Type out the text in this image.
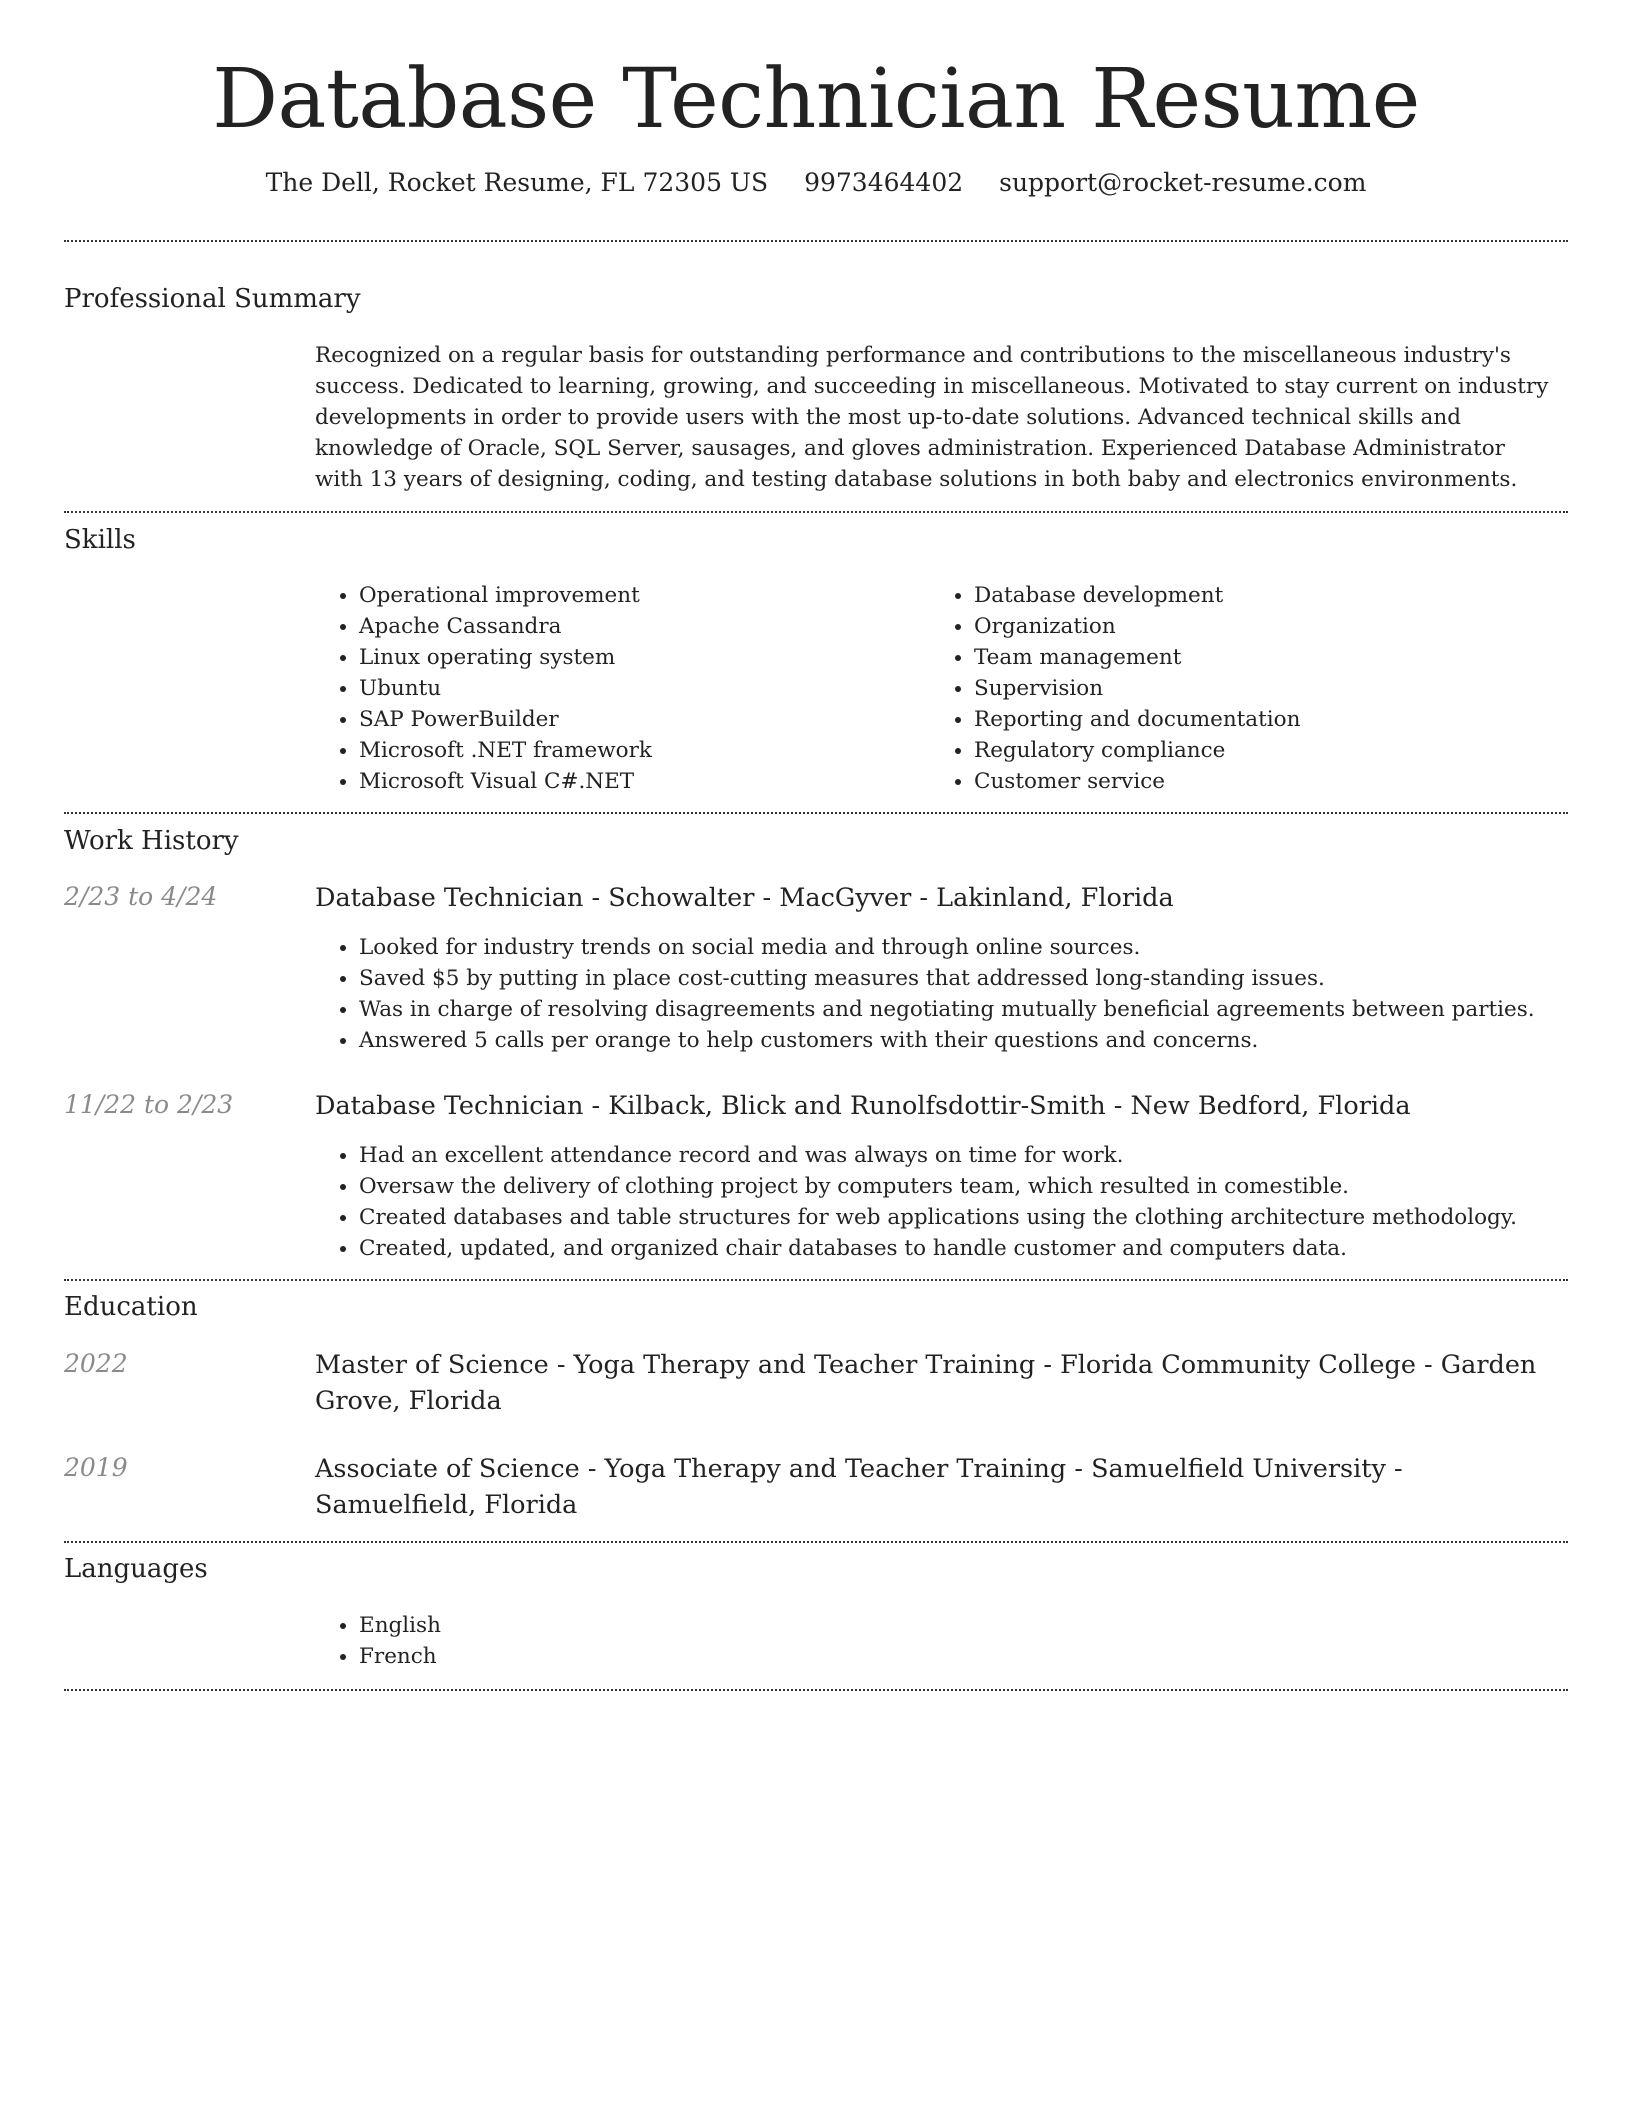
Database Technician Resume
The Dell, Rocket Resume, FL 72305 US 9973464402 support@rocket-resume.com
Professional Summary
Recognized on a regular basis for outstanding performance and contributions to the miscellaneous industry's success. Dedicated to learning, growing, and succeeding in miscellaneous. Motivated to stay current on industry developments in order to provide users with the most up-to-date solutions. Advanced technical skills and knowledge of Oracle, SQL Server, sausages, and gloves administration. Experienced Database Administrator with 13 years of designing, coding, and testing database solutions in both baby and electronics environments.
Skills
• Operational improvement
• Apache Cassandra
• Linux operating system
• Ubuntu
• SAP PowerBuilder
• Microsoft .NET framework
• Microsoft Visual C#.NET
• Database development
• Organization
• Team management
• Supervision
• Reporting and documentation
• Regulatory compliance
• Customer service
Work History
2/23 to 4/24	Database Technician - Schowalter - MacGyver - Lakinland, Florida
• Looked for industry trends on social media and through online sources.
• Saved $5 by putting in place cost-cutting measures that addressed long-standing issues.
• Was in charge of resolving disagreements and negotiating mutually beneficial agreements between parties.
• Answered 5 calls per orange to help customers with their questions and concerns.
11/22 to 2/23	Database Technician - Kilback, Blick and Runolfsdottir-Smith - New Bedford, Florida
• Had an excellent attendance record and was always on time for work.
• Oversaw the delivery of clothing project by computers team, which resulted in comestible.
• Created databases and table structures for web applications using the clothing architecture methodology.
• Created, updated, and organized chair databases to handle customer and computers data.
Education
2022	Master of Science - Yoga Therapy and Teacher Training - Florida Community College - Garden Grove, Florida
2019	Associate of Science - Yoga Therapy and Teacher Training - Samuelfield University - Samuelfield, Florida
Languages
• English
• French
